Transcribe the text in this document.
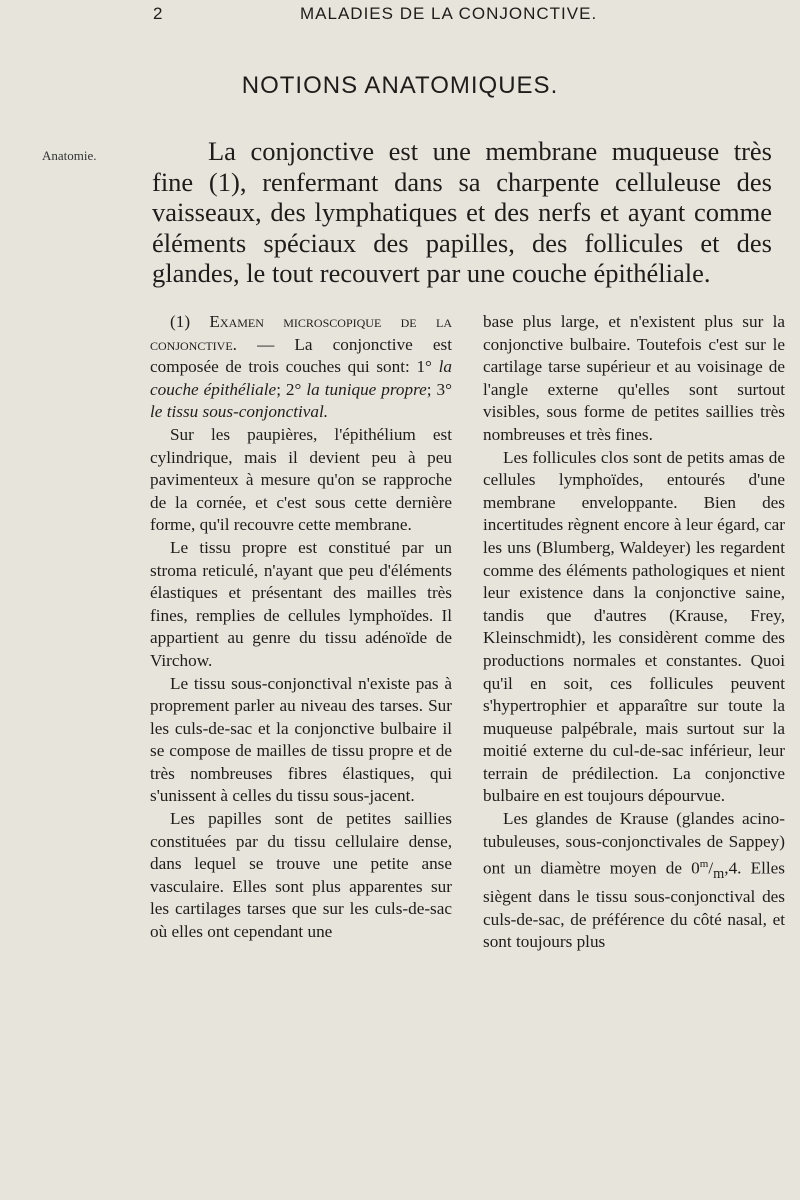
2	MALADIES DE LA CONJONCTIVE.
NOTIONS ANATOMIQUES.
Anatomie.	La conjonctive est une membrane muqueuse très fine (1), renfermant dans sa charpente celluleuse des vaisseaux, des lymphatiques et des nerfs et ayant comme éléments spéciaux des papilles, des follicules et des glandes, le tout recouvert par une couche épithéliale.

(1) Examen microscopique de la conjonctive. — La conjonctive est composée de trois couches qui sont: 1° la couche épithéliale; 2° la tunique propre; 3° le tissu sous-conjonctival.

Sur les paupières, l'épithélium est cylindrique, mais il devient peu à peu pavimenteux à mesure qu'on se rapproche de la cornée, et c'est sous cette dernière forme, qu'il recouvre cette membrane.

Le tissu propre est constitué par un stroma reticulé, n'ayant que peu d'éléments élastiques et présentant des mailles très fines, remplies de cellules lymphoïdes. Il appartient au genre du tissu adénoïde de Virchow.

Le tissu sous-conjonctival n'existe pas à proprement parler au niveau des tarses. Sur les culs-de-sac et la conjonctive bulbaire il se compose de mailles de tissu propre et de très nombreuses fibres élastiques, qui s'unissent à celles du tissu sous-jacent.

Les papilles sont de petites saillies constituées par du tissu cellulaire dense, dans lequel se trouve une petite anse vasculaire. Elles sont plus apparentes sur les cartilages tarses que sur les culs-de-sac où elles ont cependant une

base plus large, et n'existent plus sur la conjonctive bulbaire. Toutefois c'est sur le cartilage tarse supérieur et au voisinage de l'angle externe qu'elles sont surtout visibles, sous forme de petites saillies très nombreuses et très fines.

Les follicules clos sont de petits amas de cellules lymphoïdes, entourés d'une membrane enveloppante. Bien des incertitudes règnent encore à leur égard, car les uns (Blumberg, Waldeyer) les regardent comme des éléments pathologiques et nient leur existence dans la conjonctive saine, tandis que d'autres (Krause, Frey, Kleinschmidt), les considèrent comme des productions normales et constantes. Quoi qu'il en soit, ces follicules peuvent s'hypertrophier et apparaître sur toute la muqueuse palpébrale, mais surtout sur la moitié externe du cul-de-sac inférieur, leur terrain de prédilection. La conjonctive bulbaire en est toujours dépourvue.

Les glandes de Krause (glandes acino-tubuleuses, sous-conjonctivales de Sappey) ont un diamètre moyen de $0^m/_m,4$. Elles siègent dans le tissu sous-conjonctival des culs-de-sac, de préférence du côté nasal, et sont toujours plus
